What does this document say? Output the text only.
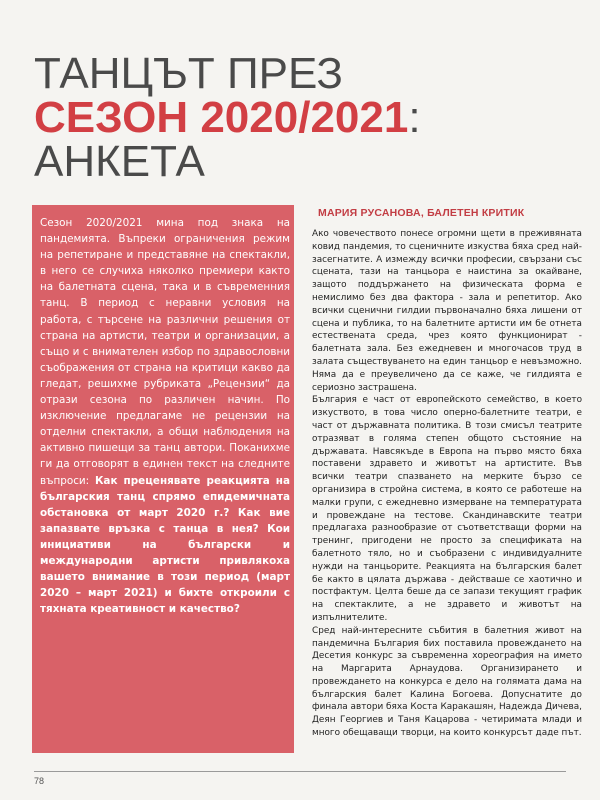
ТАНЦЪТ ПРЕЗ
СЕЗОН 2020/2021:
АНКЕТА
Сезон 2020/2021 мина под знака на пандемията. Въпреки ограничения режим на репетиране и представяне на спектакли, в него се случиха няколко премиери както на балетната сцена, така и в съвременния танц. В период с неравни условия на работа, с търсене на различни решения от страна на артисти, театри и организации, а също и с внимателен избор по здравословни съображения от страна на критици какво да гледат, решихме рубриката „Рецензии“ да отрази сезона по различен начин. По изключение предлагаме не рецензии на отделни спектакли, а общи наблюдения на активно пишещи за танц автори. Поканихме ги да отговорят в единен текст на следните въпроси: Как преценявате реакцията на българския танц спрямо епидемичната обстановка от март 2020 г.? Как вие запазвате връзка с танца в нея? Кои инициативи на български и международни артисти привлякоха вашето внимание в този период (март 2020 – март 2021) и бихте откроили с тяхната креативност и качество?
МАРИЯ РУСАНОВА, БАЛЕТЕН КРИТИК

Ако човечеството понесе огромни щети в преживяната ковид пандемия, то сценичните изкуства бяха сред най-засегнатите. А измежду всички професии, свързани със сцената, тази на танцьора е наистина за окайване, защото поддържането на физическата форма е немислимо без два фактора - зала и репетитор. Ако всички сценични гилдии първоначално бяха лишени от сцена и публика, то на балетните артисти им бе отнета естествената среда, чрез която функционират - балетната зала. Без ежедневен и многочасов труд в залата съществуването на един танцьор е невъзможно. Няма да е преувеличено да се каже, че гилдията е сериозно застрашена.

България е част от европейското семейство, в което изкуството, в това число оперно-балетните театри, е част от държавната политика. В този смисъл театрите отразяват в голяма степен общото състояние на държавата. Навсякъде в Европа на първо място бяха поставени здравето и животът на артистите. Във всички театри спазването на мерките бързо се организира в стройна система, в която се работеше на малки групи, с ежедневно измерване на температурата и провеждане на тестове. Скандинавските театри предлагаха разнообразие от съответстващи форми на тренинг, пригодени не просто за спецификата на балетното тяло, но и съобразени с индивидуалните нужди на танцьорите. Реакцията на българския балет бе както в цялата държава - действаше се хаотично и постфактум. Целта беше да се запази текущият график на спектаклите, а не здравето и животът на изпълнителите.

Сред най-интересните събития в балетния живот на пандемична България бих поставила провеждането на Десетия конкурс за съвременна хореография на името на Маргарита Арнаудова. Организирането и провеждането на конкурса е дело на голямата дама на българския балет Калина Богоева. Допуснатите до финала автори бяха Коста Каракашян, Надежда Дичева, Деян Георгиев и Таня Кацарова - четиримата млади и много обещаващи творци, на които конкурсът даде път.

78
